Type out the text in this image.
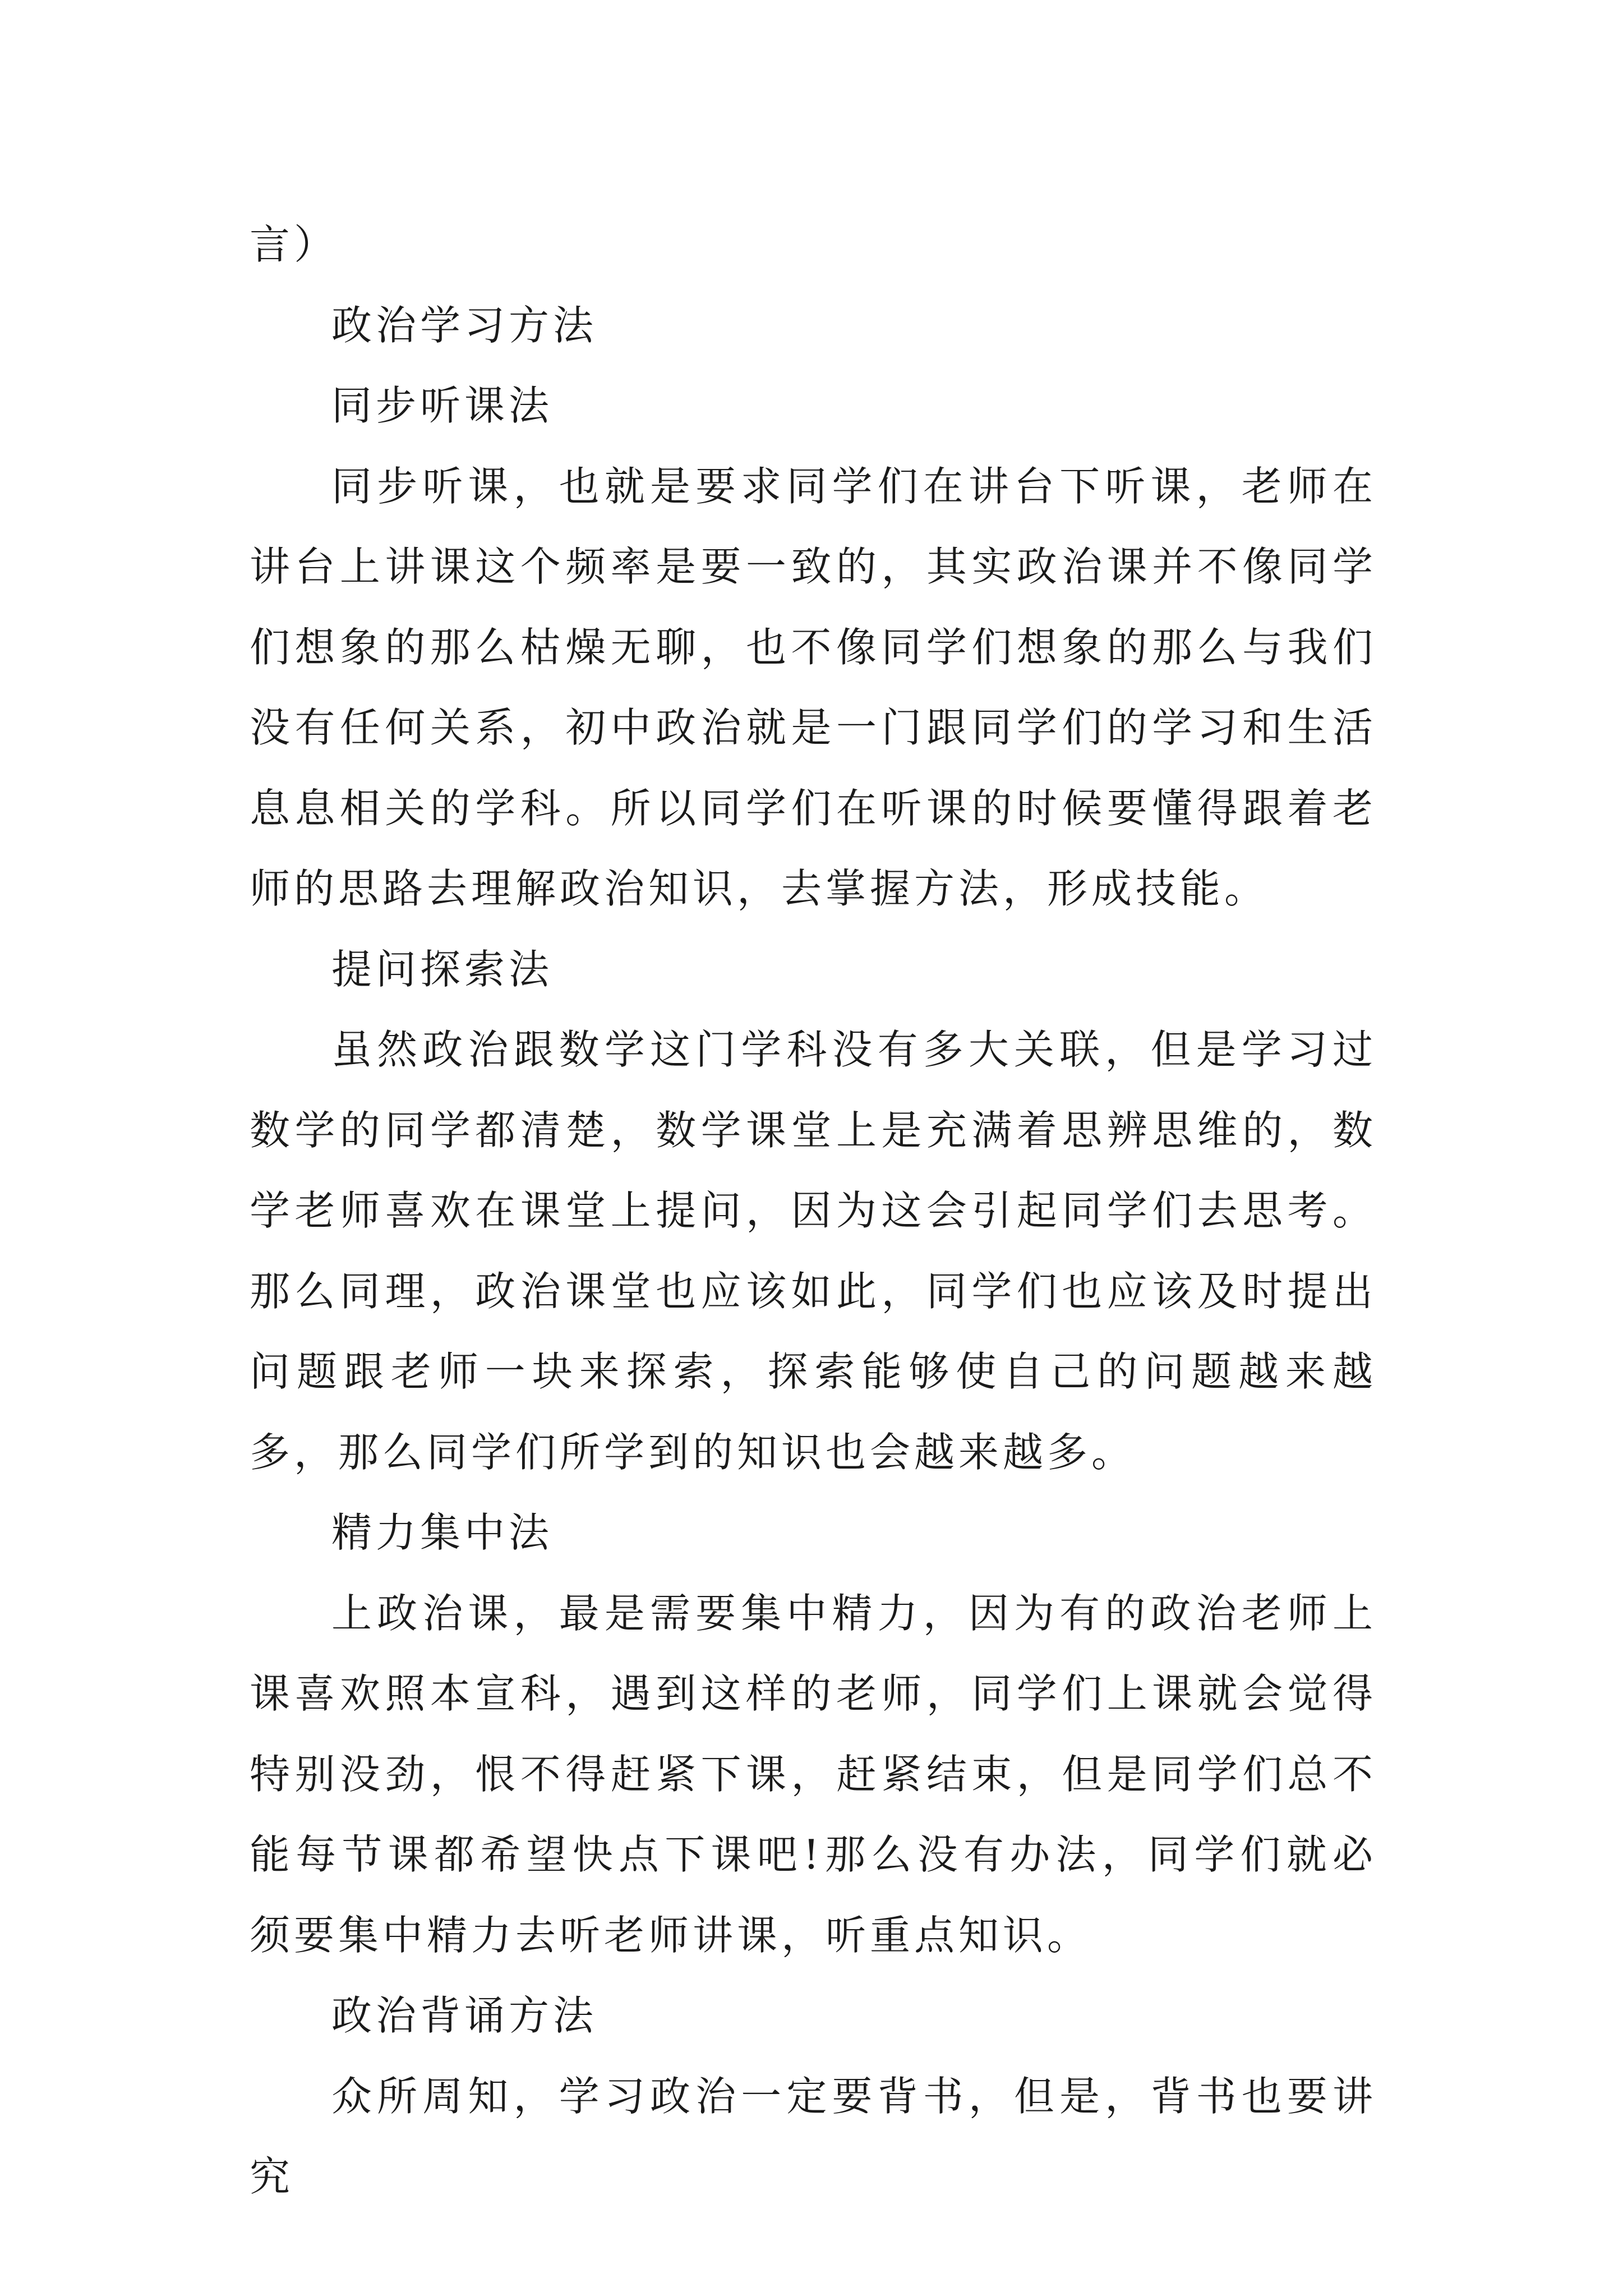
言）

政治学习方法

同步听课法

同步听课，也就是要求同学们在讲台下听课，老师在讲台上讲课这个频率是要一致的，其实政治课并不像同学们想象的那么枯燥无聊，也不像同学们想象的那么与我们没有任何关系，初中政治就是一门跟同学们的学习和生活息息相关的学科。所以同学们在听课的时候要懂得跟着老师的思路去理解政治知识，去掌握方法，形成技能。

提问探索法

虽然政治跟数学这门学科没有多大关联，但是学习过数学的同学都清楚，数学课堂上是充满着思辨思维的，数学老师喜欢在课堂上提问，因为这会引起同学们去思考。那么同理，政治课堂也应该如此，同学们也应该及时提出问题跟老师一块来探索，探索能够使自己的问题越来越多，那么同学们所学到的知识也会越来越多。

精力集中法

上政治课，最是需要集中精力，因为有的政治老师上课喜欢照本宣科，遇到这样的老师，同学们上课就会觉得特别没劲，恨不得赶紧下课，赶紧结束，但是同学们总不能每节课都希望快点下课吧!那么没有办法，同学们就必须要集中精力去听老师讲课，听重点知识。

政治背诵方法

众所周知，学习政治一定要背书，但是，背书也要讲究
